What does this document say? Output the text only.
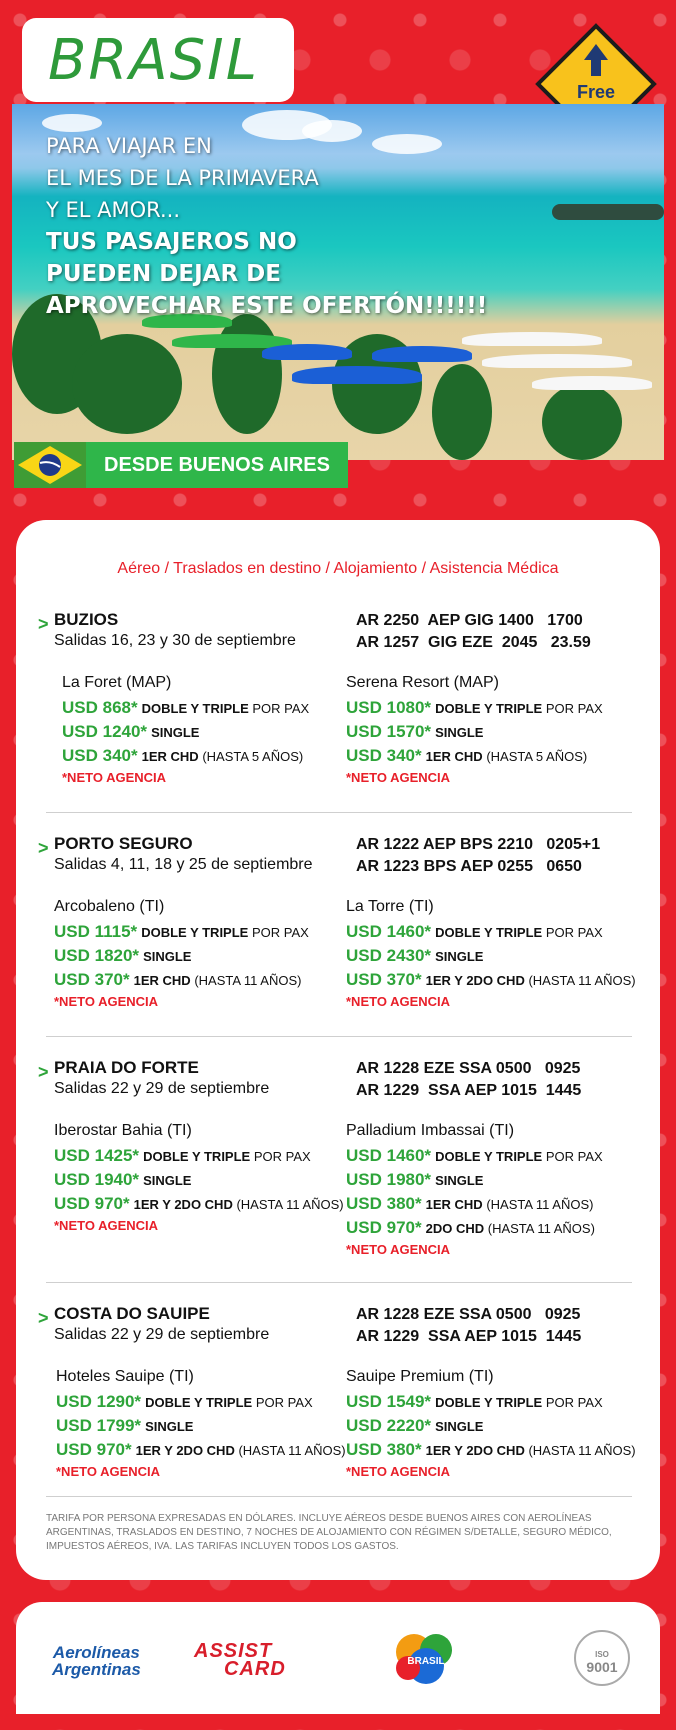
BRASIL	Free
PARA VIAJAR EN
EL MES DE LA PRIMAVERA
Y EL AMOR...
TUS PASAJEROS NO
PUEDEN DEJAR DE
APROVECHAR ESTE OFERTÓN!!!!!!
DESDE BUENOS AIRES
Aéreo / Traslados en destino / Alojamiento / Asistencia Médica
> BUZIOS
Salidas 16, 23 y 30 de septiembre
AR 2250  AEP GIG 1400   1700
AR 1257  GIG EZE  2045   23.59
La Foret (MAP)
USD 868* DOBLE Y TRIPLE POR PAX
USD 1240* SINGLE
USD 340* 1ER CHD (HASTA 5 AÑOS)
*NETO AGENCIA
Serena Resort (MAP)
USD 1080* DOBLE Y TRIPLE POR PAX
USD 1570* SINGLE
USD 340* 1ER CHD (HASTA 5 AÑOS)
*NETO AGENCIA
> PORTO SEGURO
Salidas 4, 11, 18 y 25 de septiembre
AR 1222 AEP BPS 2210   0205+1
AR 1223 BPS AEP 0255   0650
Arcobaleno (TI)
USD 1115* DOBLE Y TRIPLE POR PAX
USD 1820* SINGLE
USD 370* 1ER CHD (HASTA 11 AÑOS)
*NETO AGENCIA
La Torre (TI)
USD 1460* DOBLE Y TRIPLE POR PAX
USD 2430* SINGLE
USD 370* 1ER Y 2DO CHD (HASTA 11 AÑOS)
*NETO AGENCIA
> PRAIA DO FORTE
Salidas 22 y 29 de septiembre
AR 1228 EZE SSA 0500   0925
AR 1229  SSA AEP 1015  1445
Iberostar Bahia (TI)
USD 1425* DOBLE Y TRIPLE POR PAX
USD 1940* SINGLE
USD 970* 1ER Y 2DO CHD (HASTA 11 AÑOS)
*NETO AGENCIA
Palladium Imbassai (TI)
USD 1460* DOBLE Y TRIPLE POR PAX
USD 1980* SINGLE
USD 380* 1ER CHD (HASTA 11 AÑOS)
USD 970* 2DO CHD (HASTA 11 AÑOS)
*NETO AGENCIA
> COSTA DO SAUIPE
Salidas 22 y 29 de septiembre
AR 1228 EZE SSA 0500   0925
AR 1229  SSA AEP 1015  1445
Hoteles Sauipe (TI)
USD 1290* DOBLE Y TRIPLE POR PAX
USD 1799* SINGLE
USD 970* 1ER Y 2DO CHD (HASTA 11 AÑOS)
*NETO AGENCIA
Sauipe Premium (TI)
USD 1549* DOBLE Y TRIPLE POR PAX
USD 2220* SINGLE
USD 380* 1ER Y 2DO CHD (HASTA 11 AÑOS)
*NETO AGENCIA
TARIFA POR PERSONA EXPRESADAS EN DÓLARES. INCLUYE AÉREOS DESDE BUENOS AIRES CON AEROLÍNEAS ARGENTINAS, TRASLADOS EN DESTINO, 7 NOCHES DE ALOJAMIENTO CON RÉGIMEN S/DETALLE, SEGURO MÉDICO, IMPUESTOS AÉREOS, IVA. LAS TARIFAS INCLUYEN TODOS LOS GASTOS.
Aerolíneas
Argentinas
ASSIST
CARD	BRASIL
ISO
9001
